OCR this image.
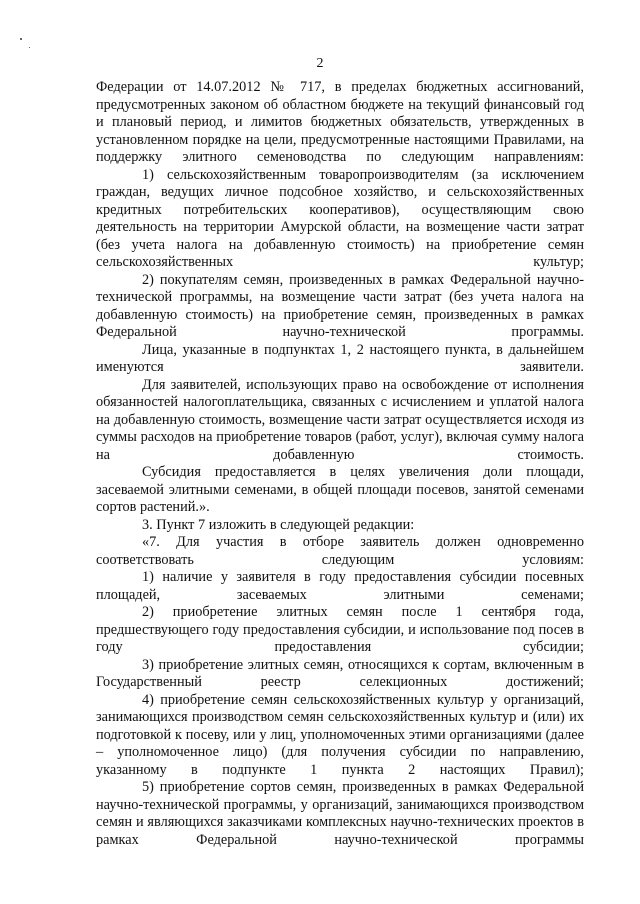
2

Федерации от 14.07.2012 № 717, в пределах бюджетных ассигнований, предусмотренных законом об областном бюджете на текущий финансовый год и плановый период, и лимитов бюджетных обязательств, утвержденных в установленном порядке на цели, предусмотренные настоящими Правилами, на поддержку элитного семеноводства по следующим направлениям:

1) сельскохозяйственным товаропроизводителям (за исключением граждан, ведущих личное подсобное хозяйство, и сельскохозяйственных кредитных потребительских кооперативов), осуществляющим свою деятельность на территории Амурской области, на возмещение части затрат (без учета налога на добавленную стоимость) на приобретение семян сельскохозяйственных культур;

2) покупателям семян, произведенных в рамках Федеральной научно-технической программы, на возмещение части затрат (без учета налога на добавленную стоимость) на приобретение семян, произведенных в рамках Федеральной научно-технической программы.

Лица, указанные в подпунктах 1, 2 настоящего пункта, в дальнейшем именуются заявители.

Для заявителей, использующих право на освобождение от исполнения обязанностей налогоплательщика, связанных с исчислением и уплатой налога на добавленную стоимость, возмещение части затрат осуществляется исходя из суммы расходов на приобретение товаров (работ, услуг), включая сумму налога на добавленную стоимость.

Субсидия предоставляется в целях увеличения доли площади, засеваемой элитными семенами, в общей площади посевов, занятой семенами сортов растений.».

3. Пункт 7 изложить в следующей редакции:

«7. Для участия в отборе заявитель должен одновременно соответствовать следующим условиям:

1) наличие у заявителя в году предоставления субсидии посевных площадей, засеваемых элитными семенами;

2) приобретение элитных семян после 1 сентября года, предшествующего году предоставления субсидии, и использование под посев в году предоставления субсидии;

3) приобретение элитных семян, относящихся к сортам, включенным в Государственный реестр селекционных достижений;

4) приобретение семян сельскохозяйственных культур у организаций, занимающихся производством семян сельскохозяйственных культур и (или) их подготовкой к посеву, или у лиц, уполномоченных этими организациями (далее – уполномоченное лицо) (для получения субсидии по направлению, указанному в подпункте 1 пункта 2 настоящих Правил);

5) приобретение сортов семян, произведенных в рамках Федеральной научно-технической программы, у организаций, занимающихся производством семян и являющихся заказчиками комплексных научно-технических проектов в рамках Федеральной научно-технической программы
